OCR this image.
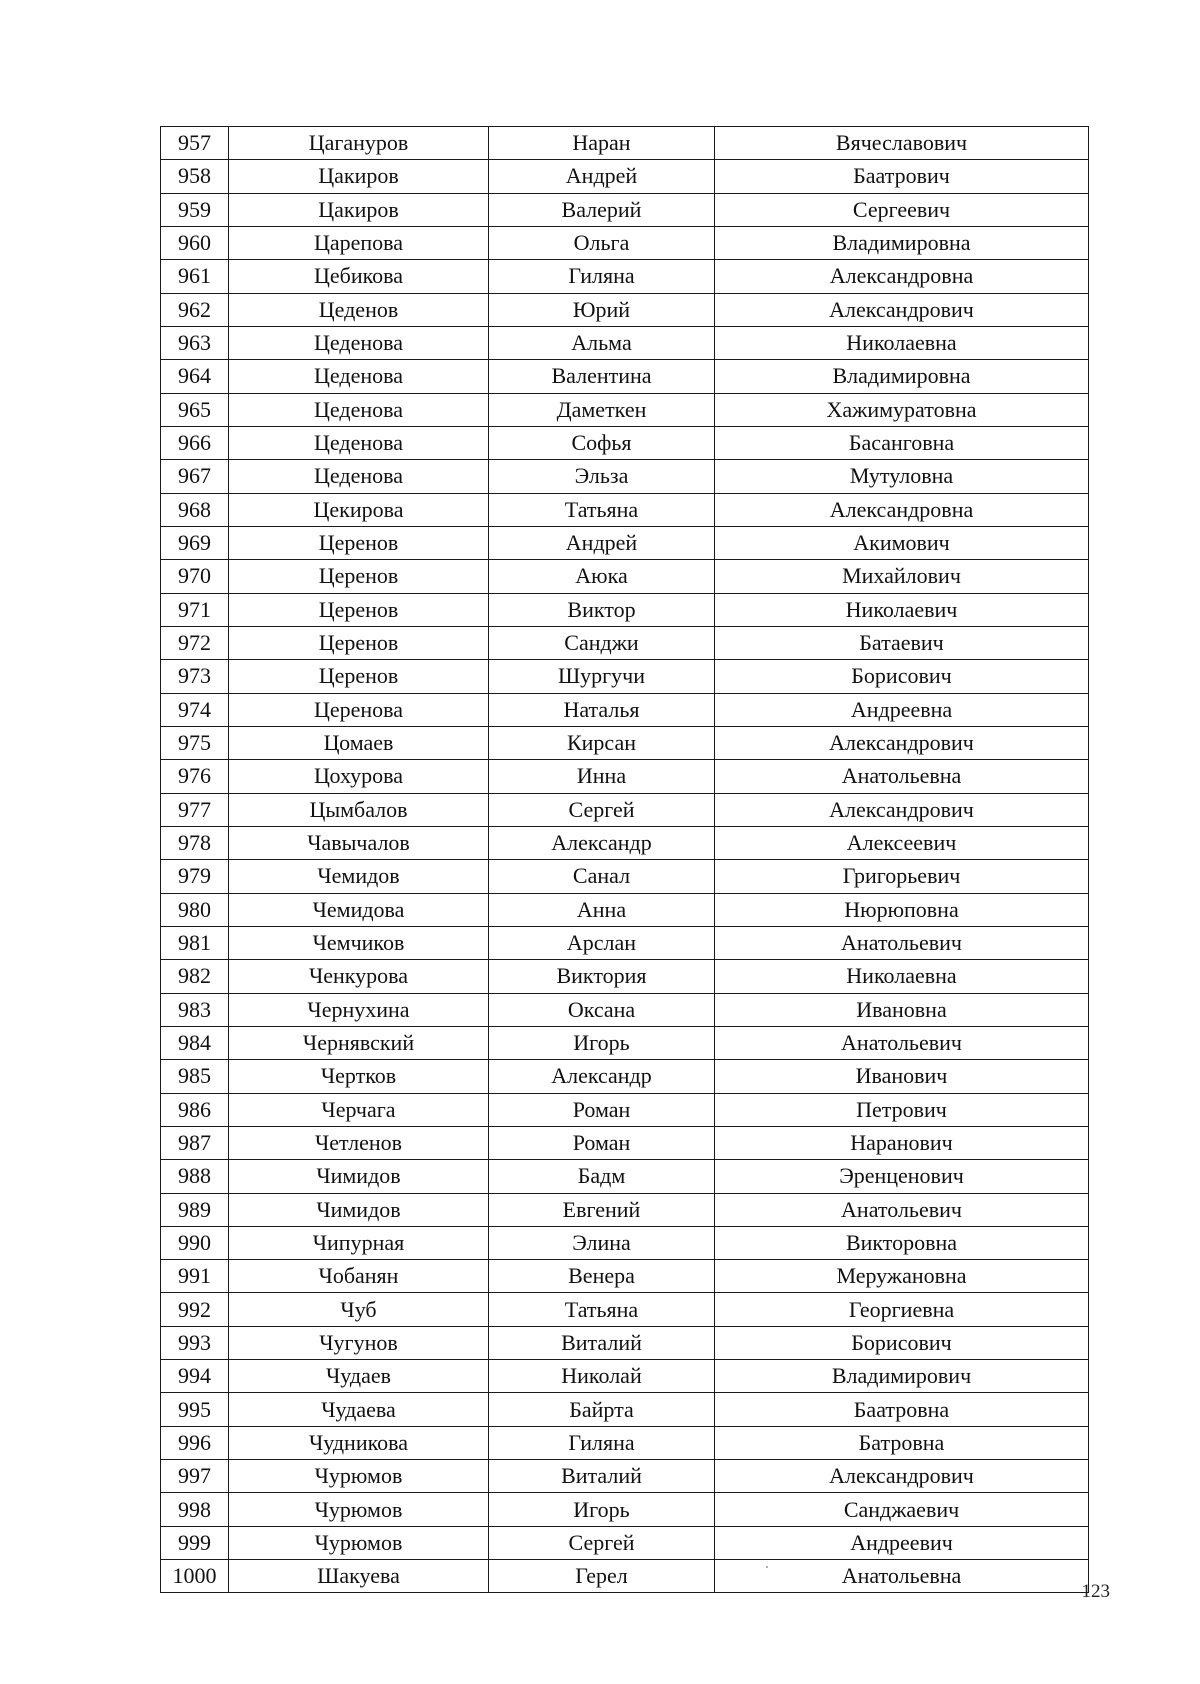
957	Цагануров	Наран	Вячеславович
958	Цакиров	Андрей	Баатрович
959	Цакиров	Валерий	Сергеевич
960	Царепова	Ольга	Владимировна
961	Цебикова	Гиляна	Александровна
962	Цеденов	Юрий	Александрович
963	Цеденова	Альма	Николаевна
964	Цеденова	Валентина	Владимировна
965	Цеденова	Даметкен	Хажимуратовна
966	Цеденова	Софья	Басанговна
967	Цеденова	Эльза	Мутуловна
968	Цекирова	Татьяна	Александровна
969	Церенов	Андрей	Акимович
970	Церенов	Аюка	Михайлович
971	Церенов	Виктор	Николаевич
972	Церенов	Санджи	Батаевич
973	Церенов	Шургучи	Борисович
974	Церенова	Наталья	Андреевна
975	Цомаев	Кирсан	Александрович
976	Цохурова	Инна	Анатольевна
977	Цымбалов	Сергей	Александрович
978	Чавычалов	Александр	Алексеевич
979	Чемидов	Санал	Григорьевич
980	Чемидова	Анна	Нюрюповна
981	Чемчиков	Арслан	Анатольевич
982	Ченкурова	Виктория	Николаевна
983	Чернухина	Оксана	Ивановна
984	Чернявский	Игорь	Анатольевич
985	Чертков	Александр	Иванович
986	Черчага	Роман	Петрович
987	Четленов	Роман	Наранович
988	Чимидов	Бадм	Эренценович
989	Чимидов	Евгений	Анатольевич
990	Чипурная	Элина	Викторовна
991	Чобанян	Венера	Меружановна
992	Чуб	Татьяна	Георгиевна
993	Чугунов	Виталий	Борисович
994	Чудаев	Николай	Владимирович
995	Чудаева	Байрта	Баатровна
996	Чудникова	Гиляна	Батровна
997	Чурюмов	Виталий	Александрович
998	Чурюмов	Игорь	Санджаевич
999	Чурюмов	Сергей	Андреевич
1000	Шакуева	Герел	Анатольевна
123
